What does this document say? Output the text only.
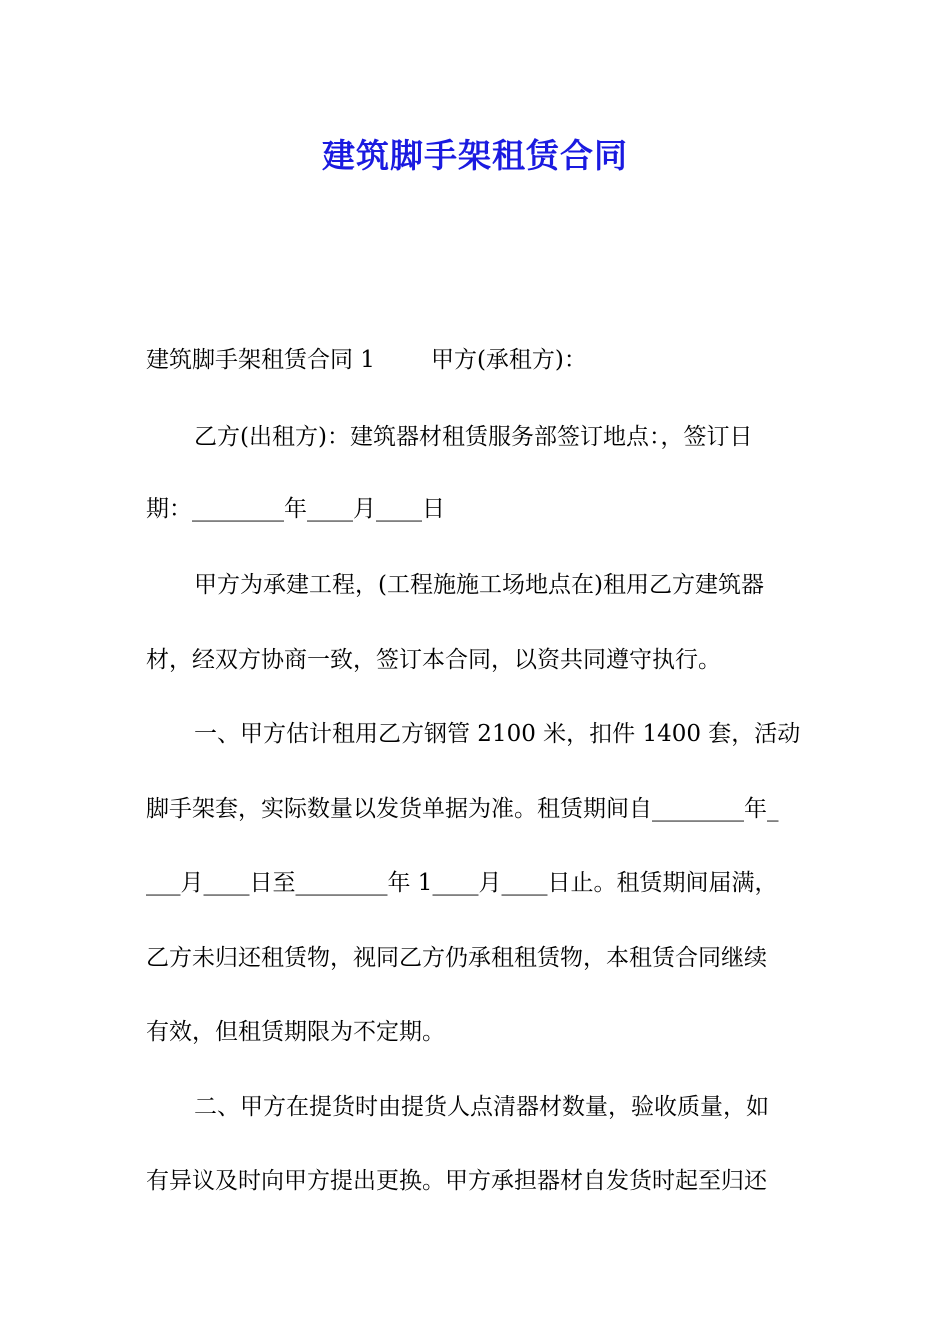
建筑脚手架租赁合同
建筑脚手架租赁合同 1 甲方(承租方)：
乙方(出租方)：建筑器材租赁服务部签订地点：，签订日
期：________年____月____日
甲方为承建工程，(工程施施工场地点在)租用乙方建筑器
材，经双方协商一致，签订本合同，以资共同遵守执行。
一、甲方估计租用乙方钢管 2100 米，扣件 1400 套，活动
脚手架套，实际数量以发货单据为准。租赁期间自________年_
___月____日至________年 1____月____日止。租赁期间届满，
乙方未归还租赁物，视同乙方仍承租租赁物，本租赁合同继续
有效，但租赁期限为不定期。
二、甲方在提货时由提货人点清器材数量，验收质量，如
有异议及时向甲方提出更换。甲方承担器材自发货时起至归还
